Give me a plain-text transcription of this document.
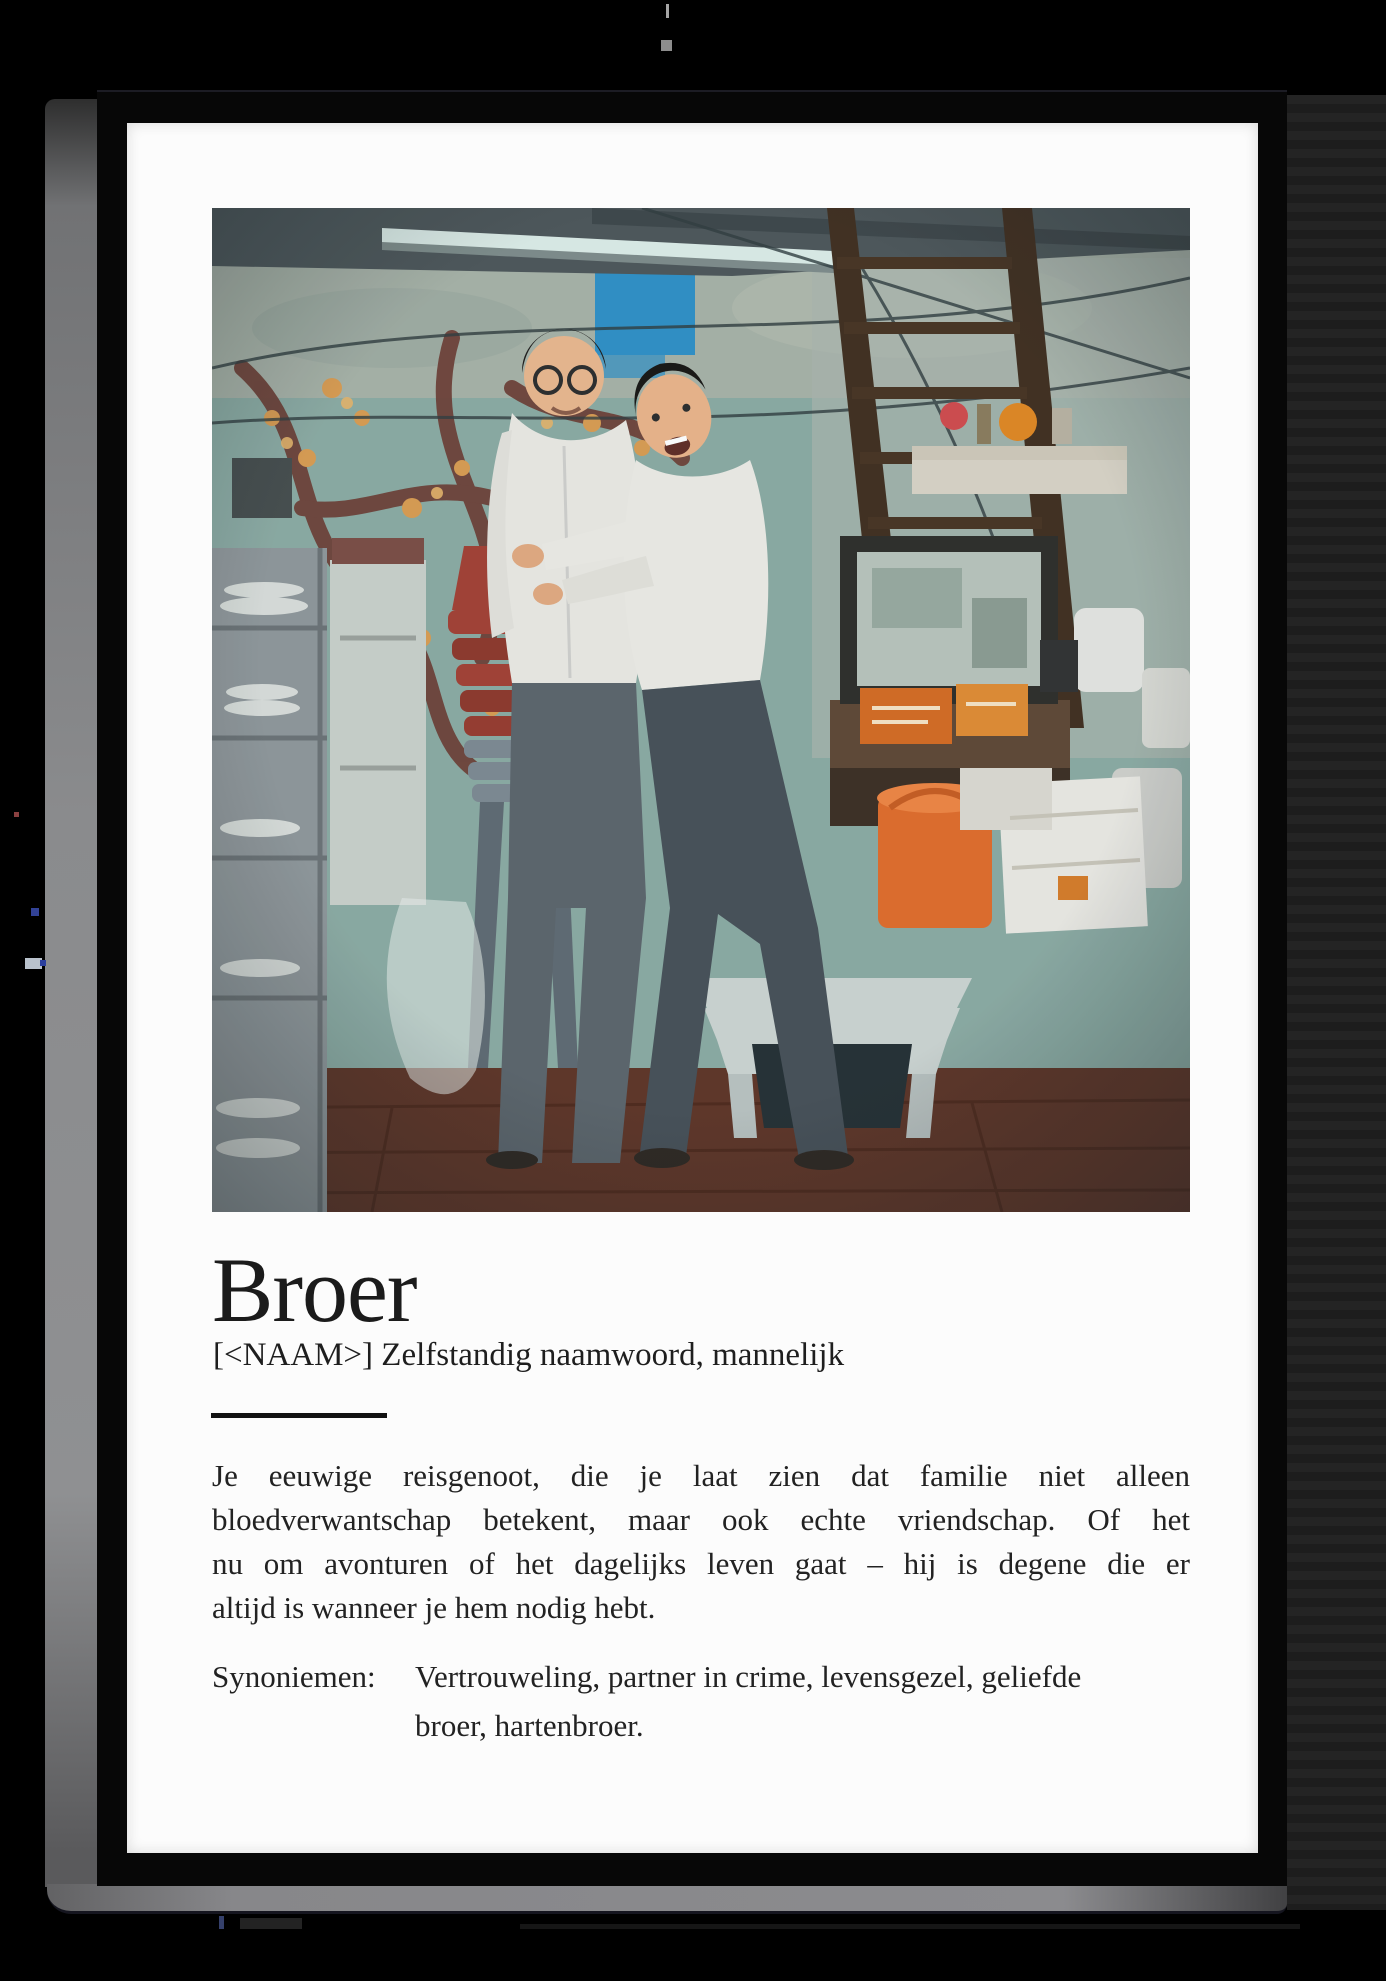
Broer
[<NAAM>] Zelfstandig naamwoord, mannelijk
Je eeuwige reisgenoot, die je laat zien dat familie niet alleen
bloedverwantschap betekent, maar ook echte vriendschap. Of het
nu om avonturen of het dagelijks leven gaat – hij is degene die er
altijd is wanneer je hem nodig hebt.
Synoniemen: Vertrouweling, partner in crime, levensgezel, geliefde
broer, hartenbroer.
